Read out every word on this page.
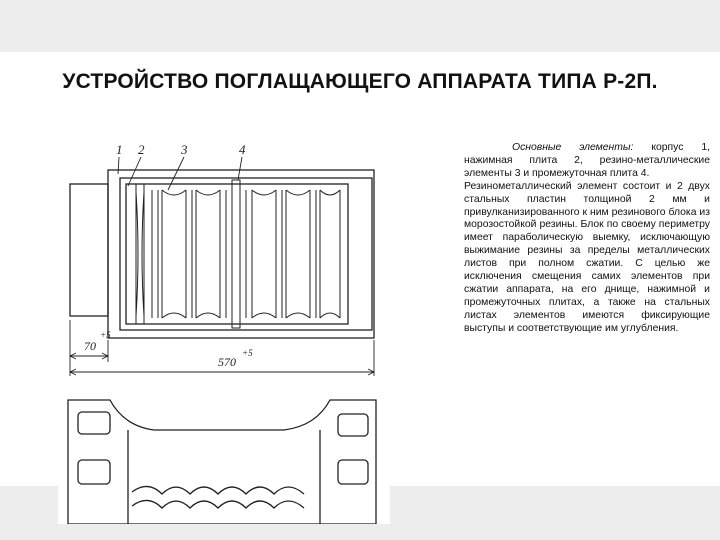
УСТРОЙСТВО ПОГЛАЩАЮЩЕГО АППАРАТА ТИПА Р-2П.
1 2	3	4
70
+5
570
+5

Основные элементы: корпус 1, нажимная плита 2, резино-металлические элементы 3 и промежуточная плита 4.

Резинометаллический элемент состоит и 2 двух стальных пластин толщиной 2 мм и привулканизированного к ним резинового блока из морозостойкой резины. Блок по своему периметру имеет параболическую выемку, исключающую выжимание резины за пределы металлических листов при полном сжатии. С целью же исключения смещения самих элементов при сжатии аппарата, на его днище, нажимной и промежуточных плитах, а также на стальных листах элементов имеются фиксирующие выступы и соответствующие им углубления.
